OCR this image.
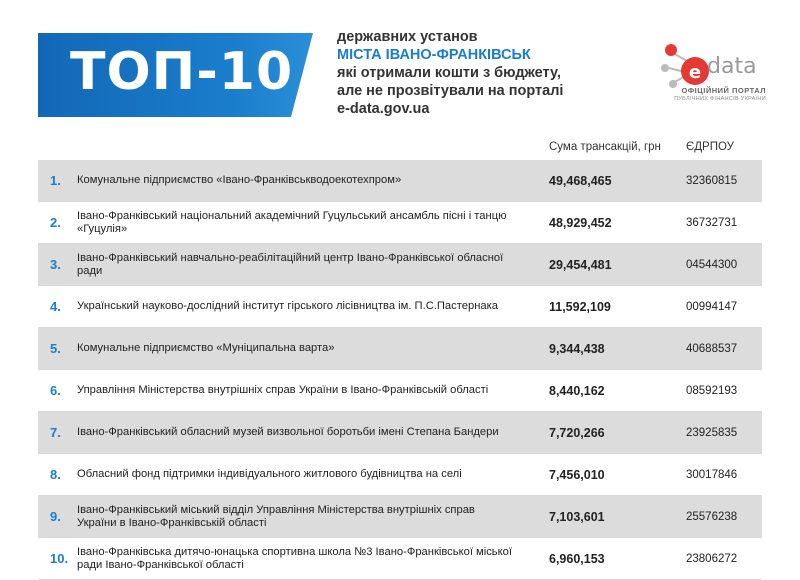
ТОП-10
державних установ
МІСТА ІВАНО-ФРАНКІВСЬК
які отримали кошти з бюджету,
але не прозвітували на порталі
e-data.gov.ua
e data
ОФІЦІЙНИЙ ПОРТАЛ
ПУБЛІЧНИХ ФІНАНСІВ УКРАЇНИ
Сума трансакцій, грн ЄДРПОУ
1. Комунальне підприємство «Івано-Франківськводоекотехпром»	49,468,465	32360815
2. Івано-Франківський національний академічний Гуцульський ансамбль пісні і танцю «Гуцулія»	48,929,452	36732731
3. Івано-Франківський навчально-реабілітаційний центр Івано-Франківської обласної ради	29,454,481	04544300
4. Український науково-дослідний інститут гірського лісівництва ім. П.С.Пастернака	11,592,109	00994147
5. Комунальне підприємство «Муніципальна варта»	9,344,438	40688537
6. Управління Міністерства внутрішніх справ України в Івано-Франківській області	8,440,162	08592193
7. Івано-Франківський обласний музей визвольної боротьби імені Степана Бандери	7,720,266	23925835
8. Обласний фонд підтримки індивідуального житлового будівництва на селі	7,456,010	30017846
9. Івано-Франківський міський відділ Управління Міністерства внутрішніх справ України в Івано-Франківській області	7,103,601	25576238
10. Івано-Франківська дитячо-юнацька спортивна школа №3 Івано-Франківської міської ради Івано-Франківської області	6,960,153	23806272
